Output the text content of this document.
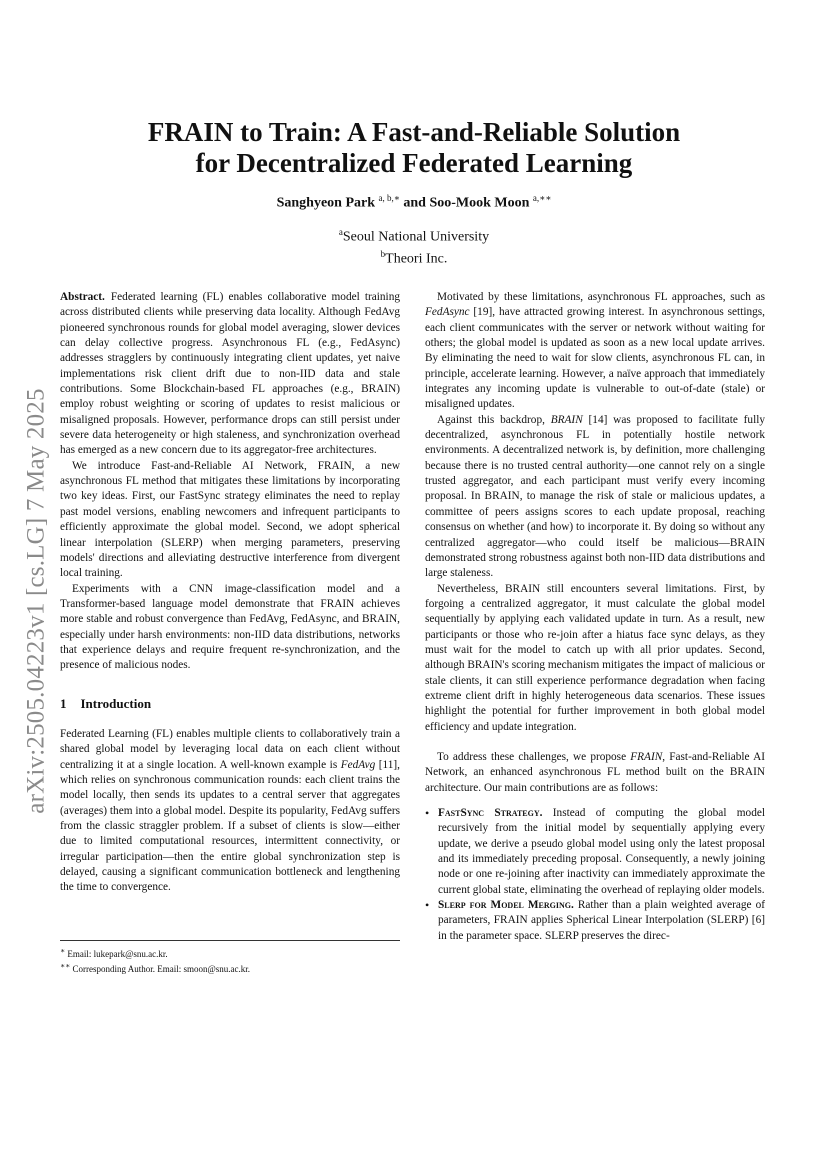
arXiv:2505.04223v1 [cs.LG] 7 May 2025
FRAIN to Train: A Fast-and-Reliable Solution
for Decentralized Federated Learning
Sanghyeon Park $^{a, b,∗}$ and Soo-Mook Moon $^{a,∗∗}$
$^a$Seoul National University
$^b$Theori Inc.

Abstract. Federated learning (FL) enables collaborative model training across distributed clients while preserving data locality. Although FedAvg pioneered synchronous rounds for global model averaging, slower devices can delay collective progress. Asynchronous FL (e.g., FedAsync) addresses stragglers by continuously integrating client updates, yet naive implementations risk client drift due to non-IID data and stale contributions. Some Blockchain-based FL approaches (e.g., BRAIN) employ robust weighting or scoring of updates to resist malicious or misaligned proposals. However, performance drops can still persist under severe data heterogeneity or high staleness, and synchronization overhead has emerged as a new concern due to its aggregator-free architectures.

We introduce Fast-and-Reliable AI Network, FRAIN, a new asynchronous FL method that mitigates these limitations by incorporating two key ideas. First, our FastSync strategy eliminates the need to replay past model versions, enabling newcomers and infrequent participants to efficiently approximate the global model. Second, we adopt spherical linear interpolation (SLERP) when merging parameters, preserving models' directions and alleviating destructive interference from divergent local training.

Experiments with a CNN image-classification model and a Transformer-based language model demonstrate that FRAIN achieves more stable and robust convergence than FedAvg, FedAsync, and BRAIN, especially under harsh environments: non-IID data distributions, networks that experience delays and require frequent re-synchronization, and the presence of malicious nodes.

1 Introduction

Federated Learning (FL) enables multiple clients to collaboratively train a shared global model by leveraging local data on each client without centralizing it at a single location. A well-known example is FedAvg [11], which relies on synchronous communication rounds: each client trains the model locally, then sends its updates to a central server that aggregates (averages) them into a global model. Despite its popularity, FedAvg suffers from the classic straggler problem. If a subset of clients is slow—either due to limited computational resources, intermittent connectivity, or irregular participation—then the entire global synchronization step is delayed, causing a significant communication bottleneck and lengthening the time to convergence.

∗ Email: lukepark@snu.ac.kr.
∗∗ Corresponding Author. Email: smoon@snu.ac.kr.

Motivated by these limitations, asynchronous FL approaches, such as FedAsync [19], have attracted growing interest. In asynchronous settings, each client communicates with the server or network without waiting for others; the global model is updated as soon as a new local update arrives. By eliminating the need to wait for slow clients, asynchronous FL can, in principle, accelerate learning. However, a naïve approach that immediately integrates any incoming update is vulnerable to out-of-date (stale) or misaligned updates.

Against this backdrop, BRAIN [14] was proposed to facilitate fully decentralized, asynchronous FL in potentially hostile network environments. A decentralized network is, by definition, more challenging because there is no trusted central authority—one cannot rely on a single trusted aggregator, and each participant must verify every incoming proposal. In BRAIN, to manage the risk of stale or malicious updates, a committee of peers assigns scores to each update proposal, reaching consensus on whether (and how) to incorporate it. By doing so without any centralized aggregator—who could itself be malicious—BRAIN demonstrated strong robustness against both non-IID data distributions and large staleness.

Nevertheless, BRAIN still encounters several limitations. First, by forgoing a centralized aggregator, it must calculate the global model sequentially by applying each validated update in turn. As a result, new participants or those who re-join after a hiatus face sync delays, as they must wait for the model to catch up with all prior updates. Second, although BRAIN's scoring mechanism mitigates the impact of malicious or stale clients, it can still experience performance degradation when facing extreme client drift in highly heterogeneous data scenarios. These issues highlight the potential for further improvement in both global model efficiency and update integration.

To address these challenges, we propose FRAIN, Fast-and-Reliable AI Network, an enhanced asynchronous FL method built on the BRAIN architecture. Our main contributions are as follows:

• FastSync Strategy. Instead of computing the global model recursively from the initial model by sequentially applying every update, we derive a pseudo global model using only the latest proposal and its immediately preceding proposal. Consequently, a newly joining node or one re-joining after inactivity can immediately approximate the current global state, eliminating the overhead of replaying older models.
• Slerp for Model Merging. Rather than a plain weighted average of parameters, FRAIN applies Spherical Linear Interpolation (SLERP) [6] in the parameter space. SLERP preserves the direc-
